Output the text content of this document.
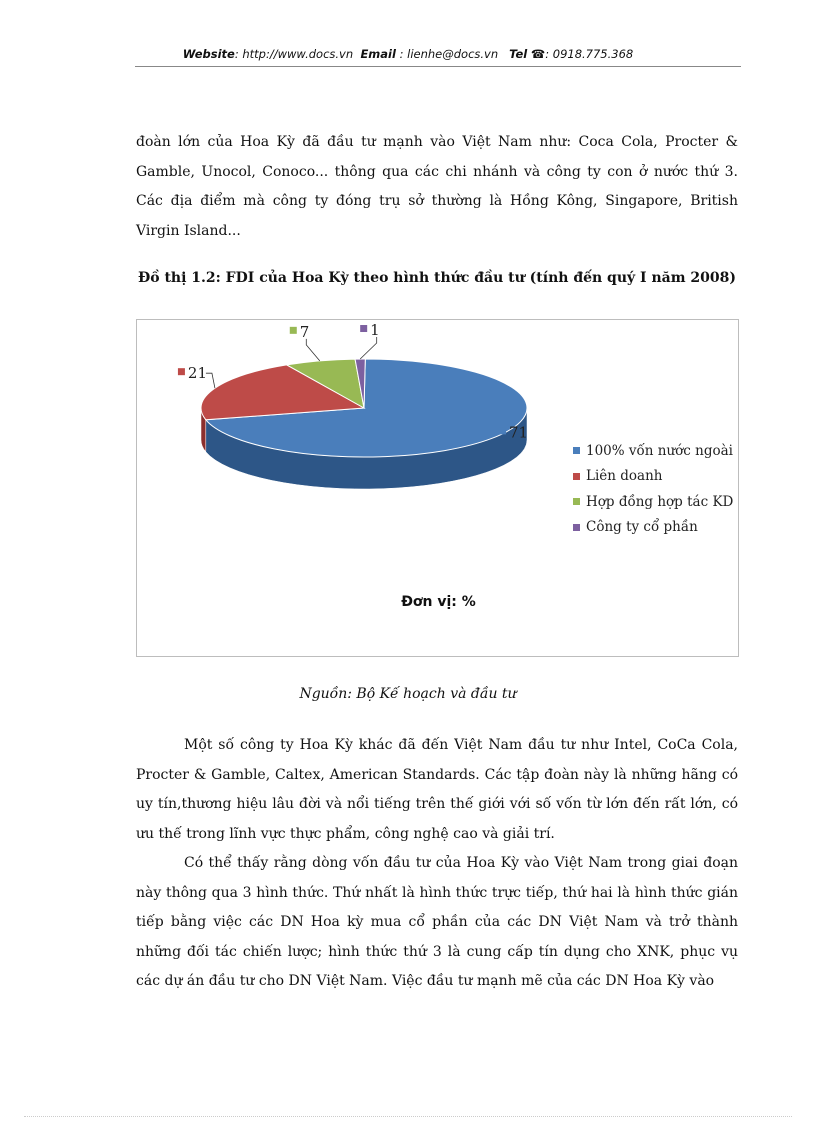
Website: http://www.docs.vn Email : lienhe@docs.vn Tel ☎: 0918.775.368
đoàn lớn của Hoa Kỳ đã đầu tư mạnh vào Việt Nam như: Coca Cola, Procter & Gamble, Unocol, Conoco... thông qua các chi nhánh và công ty con ở nước thứ 3. Các địa điểm mà công ty đóng trụ sở thường là Hồng Kông, Singapore, British Virgin Island...
Đồ thị 1.2: FDI của Hoa Kỳ theo hình thức đầu tư (tính đến quý I năm 2008)
71
21
7	1
100% vốn nước ngoài
Liên doanh
Hợp đồng hợp tác KD
Công ty cổ phần
Đơn vị: %
Nguồn: Bộ Kế hoạch và đầu tư
Một số công ty Hoa Kỳ khác đã đến Việt Nam đầu tư như Intel, CoCa Cola, Procter & Gamble, Caltex, American Standards. Các tập đoàn này là những hãng có uy tín,thương hiệu lâu đời và nổi tiếng trên thế giới với số vốn từ lớn đến rất lớn, có ưu thế trong lĩnh vực thực phẩm, công nghệ cao và giải trí.
Có thể thấy rằng dòng vốn đầu tư của Hoa Kỳ vào Việt Nam trong giai đoạn này thông qua 3 hình thức. Thứ nhất là hình thức trực tiếp, thứ hai là hình thức gián tiếp bằng việc các DN Hoa kỳ mua cổ phần của các DN Việt Nam và trở thành những đối tác chiến lược; hình thức thứ 3 là cung cấp tín dụng cho XNK, phục vụ các dự án đầu tư cho DN Việt Nam. Việc đầu tư mạnh mẽ của các DN Hoa Kỳ vào
